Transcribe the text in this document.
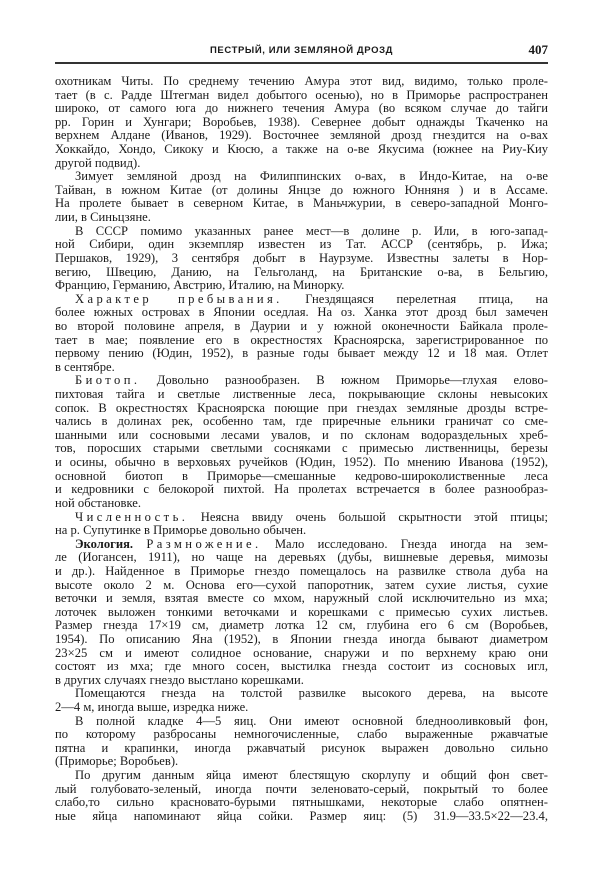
ПЕСТРЫЙ, ИЛИ ЗЕМЛЯНОЙ ДРОЗД	407
охотникам Читы. По среднему течению Амура этот вид, видимо, только проле-
тает (в с. Радде Штегман видел добытого осенью), но в Приморье распространен
широко, от самого юга до нижнего течения Амура (во всяком случае до тайги
рр. Горин и Хунгари; Воробьев, 1938). Севернее добыт однажды Ткаченко на
верхнем Алдане (Иванов, 1929). Восточнее земляной дрозд гнездится на о-вах
Хоккайдо, Хондо, Сикоку и Кюсю, а также на о-ве Якусима (южнее на Риу-Киу
другой подвид).
Зимует земляной дрозд на Филиппинских о-вах, в Индо-Китае, на о-ве
Тайван, в южном Китае (от долины Янцзе до южного Юнняня ) и в Ассаме.
На пролете бывает в северном Китае, в Маньчжурии, в северо-западной Монго-
лии, в Синьцзяне.
В СССР помимо указанных ранее мест—в долине р. Или, в юго-запад-
ной Сибири, один экземпляр известен из Тат. АССР (сентябрь, р. Ижа;
Першаков, 1929), 3 сентября добыт в Наурзуме. Известны залеты в Нор-
вегию, Швецию, Данию, на Гельголанд, на Британские о-ва, в Бельгию,
Францию, Германию, Австрию, Италию, на Минорку.
Характер пребывания. Гнездящаяся перелетная птица, на
более южных островах в Японии оседлая. На оз. Ханка этот дрозд был замечен
во второй половине апреля, в Даурии и у южной оконечности Байкала проле-
тает в мае; появление его в окрестностях Красноярска, зарегистрированное по
первому пению (Юдин, 1952), в разные годы бывает между 12 и 18 мая. Отлет
в сентябре.
Биотоп. Довольно разнообразен. В южном Приморье—глухая елово-
пихтовая тайга и светлые лиственные леса, покрывающие склоны невысоких
сопок. В окрестностях Красноярска поющие при гнездах земляные дрозды встре-
чались в долинах рек, особенно там, где приречные ельники граничат со сме-
шанными или сосновыми лесами увалов, и по склонам водораздельных хреб-
тов, поросших старыми светлыми сосняками с примесью лиственницы, березы
и осины, обычно в верховьях ручейков (Юдин, 1952). По мнению Иванова (1952),
основной биотоп в Приморье—смешанные кедрово-широколиственные леса
и кедровники с белокорой пихтой. На пролетах встречается в более разнообраз-
ной обстановке.
Численность. Неясна ввиду очень большой скрытности этой птицы;
на р. Супутинке в Приморье довольно обычен.
Экология. Размножение. Мало исследовано. Гнезда иногда на зем-
ле (Иогансен, 1911), но чаще на деревьях (дубы, вишневые деревья, мимозы
и др.). Найденное в Приморье гнездо помещалось на развилке ствола дуба на
высоте около 2 м. Основа его—сухой папоротник, затем сухие листья, сухие
веточки и земля, взятая вместе со мхом, наружный слой исключительно из мха;
лоточек выложен тонкими веточками и корешками с примесью сухих листьев.
Размер гнезда 17×19 см, диаметр лотка 12 см, глубина его 6 см (Воробьев,
1954). По описанию Яна (1952), в Японии гнезда иногда бывают диаметром
23×25 см и имеют солидное основание, снаружи и по верхнему краю они
состоят из мха; где много сосен, выстилка гнезда состоит из сосновых игл,
в других случаях гнездо выстлано корешками.
Помещаются гнезда на толстой развилке высокого дерева, на высоте
2—4 м, иногда выше, изредка ниже.
В полной кладке 4—5 яиц. Они имеют основной бледнооливковый фон,
по которому разбросаны немногочисленные, слабо выраженные ржавчатые
пятна и крапинки, иногда ржавчатый рисунок выражен довольно сильно
(Приморье; Воробьев).
По другим данным яйца имеют блестящую скорлупу и общий фон свет-
лый голубовато-зеленый, иногда почти зеленовато-серый, покрытый то более
слабо,то сильно красновато-бурыми пятнышками, некоторые слабо опятнен-
ные яйца напоминают яйца сойки. Размер яиц: (5) 31.9—33.5×22—23.4,
